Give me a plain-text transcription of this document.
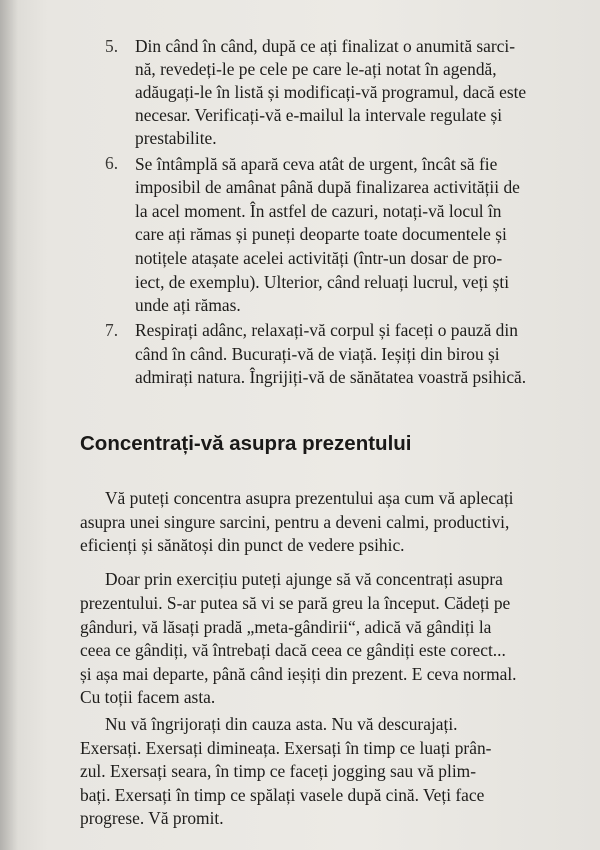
5. Din când în când, după ce ați finalizat o anumită sarci-
nă, revedeți-le pe cele pe care le-ați notat în agendă,
adăugați-le în listă și modificați-vă programul, dacă este
necesar. Verificați-vă e-mailul la intervale regulate și
prestabilite.
6. Se întâmplă să apară ceva atât de urgent, încât să fie
imposibil de amânat până după finalizarea activității de
la acel moment. În astfel de cazuri, notați-vă locul în
care ați rămas și puneți deoparte toate documentele și
notițele atașate acelei activități (într-un dosar de pro-
iect, de exemplu). Ulterior, când reluați lucrul, veți ști
unde ați rămas.
7. Respirați adânc, relaxați-vă corpul și faceți o pauză din
când în când. Bucurați-vă de viață. Ieșiți din birou și
admirați natura. Îngrijiți-vă de sănătatea voastră psihică.
Concentrați-vă asupra prezentului
Vă puteți concentra asupra prezentului așa cum vă aplecați
asupra unei singure sarcini, pentru a deveni calmi, productivi,
eficienți și sănătoși din punct de vedere psihic.
Doar prin exercițiu puteți ajunge să vă concentrați asupra
prezentului. S-ar putea să vi se pară greu la început. Cădeți pe
gânduri, vă lăsați pradă „meta-gândirii“, adică vă gândiți la
ceea ce gândiți, vă întrebați dacă ceea ce gândiți este corect...
și așa mai departe, până când ieșiți din prezent. E ceva normal.
Cu toții facem asta.
Nu vă îngrijorați din cauza asta. Nu vă descurajați.
Exersați. Exersați dimineața. Exersați în timp ce luați prân-
zul. Exersați seara, în timp ce faceți jogging sau vă plim-
bați. Exersați în timp ce spălați vasele după cină. Veți face
progrese. Vă promit.
